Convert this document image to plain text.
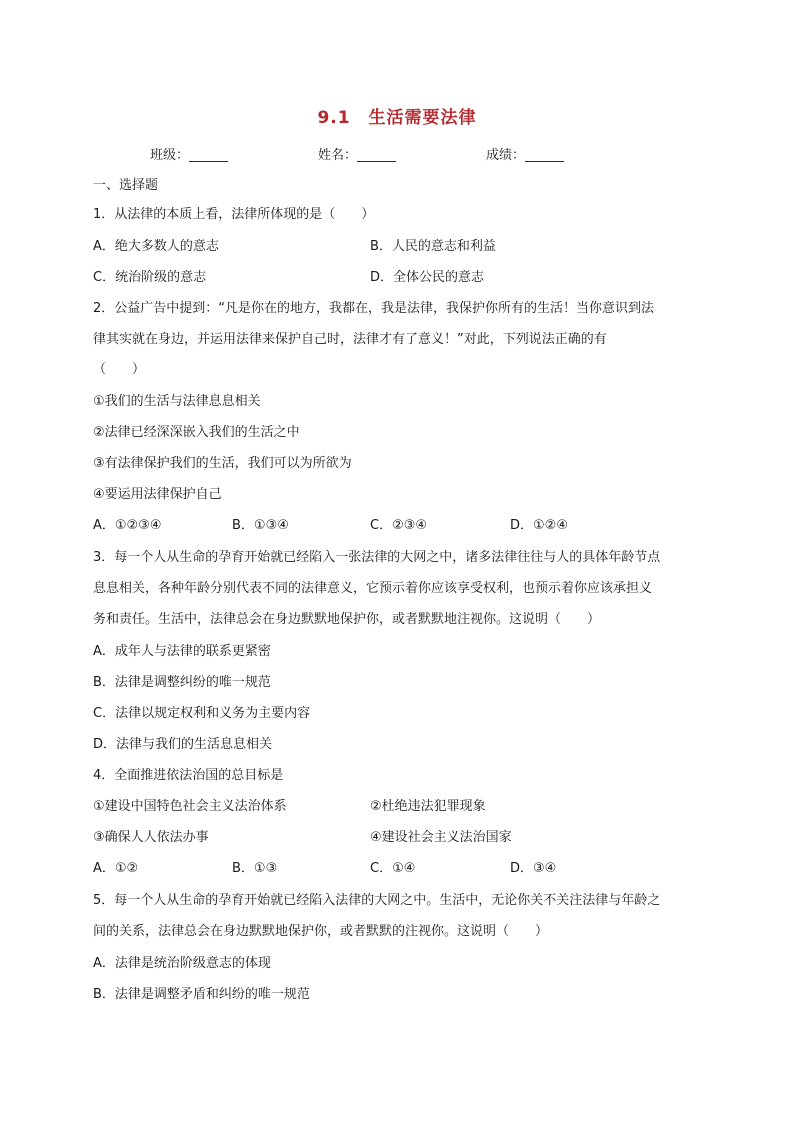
9.1　生活需要法律
班级：______	姓名：______	成绩：______
一、选择题
1．从法律的本质上看，法律所体现的是（　　）
A．绝大多数人的意志	B．人民的意志和利益
C．统治阶级的意志	D．全体公民的意志
2．公益广告中提到：“凡是你在的地方，我都在，我是法律，我保护你所有的生活！当你意识到法
律其实就在身边，并运用法律来保护自己时，法律才有了意义！”对此，下列说法正确的有
（　　）
①我们的生活与法律息息相关
②法律已经深深嵌入我们的生活之中
③有法律保护我们的生活，我们可以为所欲为
④要运用法律保护自己
A．①②③④	B．①③④	C．②③④	D．①②④
3．每一个人从生命的孕育开始就已经陷入一张法律的大网之中，诸多法律往往与人的具体年龄节点
息息相关，各种年龄分别代表不同的法律意义，它预示着你应该享受权利，也预示着你应该承担义
务和责任。生活中，法律总会在身边默默地保护你，或者默默地注视你。这说明（　　）
A．成年人与法律的联系更紧密
B．法律是调整纠纷的唯一规范
C．法律以规定权利和义务为主要内容
D．法律与我们的生活息息相关
4．全面推进依法治国的总目标是
①建设中国特色社会主义法治体系	②杜绝违法犯罪现象
③确保人人依法办事	④建设社会主义法治国家
A．①②	B．①③	C．①④	D．③④
5．每一个人从生命的孕育开始就已经陷入法律的大网之中。生活中，无论你关不关注法律与年龄之
间的关系，法律总会在身边默默地保护你，或者默默的注视你。这说明（　　）
A．法律是统治阶级意志的体现
B．法律是调整矛盾和纠纷的唯一规范
